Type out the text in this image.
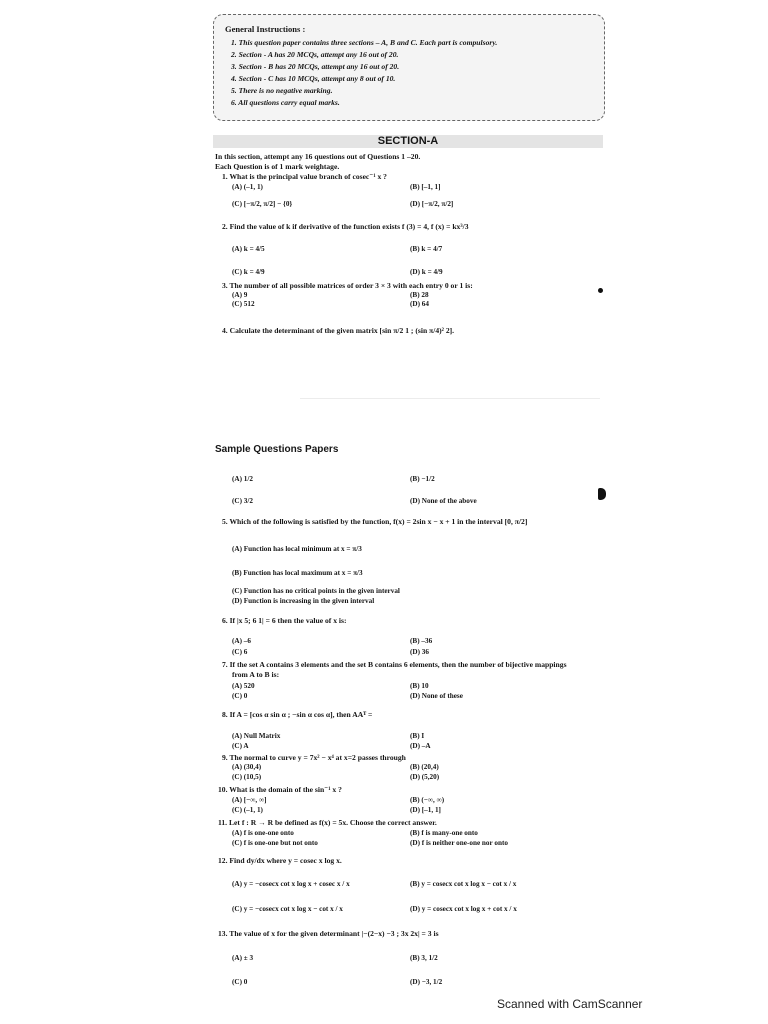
General Instructions :
1. This question paper contains three sections – A, B and C. Each part is compulsory.
2. Section - A has 20 MCQs, attempt any 16 out of 20.
3. Section - B has 20 MCQs, attempt any 16 out of 20.
4. Section - C has 10 MCQs, attempt any 8 out of 10.
5. There is no negative marking.
6. All questions carry equal marks.
SECTION-A
In this section, attempt any 16 questions out of Questions 1 –20.
Each Question is of 1 mark weightage.
1. What is the principal value branch of cosec⁻¹ x ?
(A) (–1, 1)	(B) [–1, 1]
(C) [−π/2, π/2] − {0}	(D) [−π/2, π/2]
2. Find the value of k if derivative of the function exists f (3) = 4, f (x) = kx³/3
(A) k = 4/5	(B) k = 4/7
(C) k = 4/9	(D) k = 4/9
3. The number of all possible matrices of order 3 × 3 with each entry 0 or 1 is:
(A) 9	(B) 28
(C) 512	(D) 64
4. Calculate the determinant of the given matrix [sin π/2 1 ; (sin π/4)² 2].
Sample Questions Papers
(A) 1/2	(B) −1/2
(C) 3/2	(D) None of the above
5. Which of the following is satisfied by the function, f(x) = 2sin x − x + 1 in the interval [0, π/2]
(A) Function has local minimum at x = π/3
(B) Function has local maximum at x = π/3
(C) Function has no critical points in the given interval
(D) Function is increasing in the given interval
6. If |x 5; 6 1| = 6 then the value of x is:
(A) –6	(B) –36
(C) 6	(D) 36
7. If the set A contains 3 elements and the set B contains 6 elements, then the number of bijective mappings
from A to B is:
(A) 520	(B) 10
(C) 0	(D) None of these
8. If A = [cos α sin α ; −sin α cos α], then AAᵀ =
(A) Null Matrix	(B) I
(C) A	(D) –A
9. The normal to curve y = 7x² − x⁴ at x=2 passes through
(A) (30,4)	(B) (20,4)
(C) (10,5)	(D) (5,20)
10. What is the domain of the sin⁻¹ x ?
(A) [−∞, ∞]	(B) (−∞, ∞)
(C) (–1, 1)	(D) [–1, 1]
11. Let f : R → R be defined as f(x) = 5x. Choose the correct answer.
(A) f is one-one onto	(B) f is many-one onto
(C) f is one-one but not onto	(D) f is neither one-one nor onto
12. Find dy/dx where y = cosec x log x.
(A) y = −cosecx cot x log x + cosec x / x	(B) y = cosecx cot x log x − cot x / x
(C) y = −cosecx cot x log x − cot x / x	(D) y = cosecx cot x log x + cot x / x
13. The value of x for the given determinant |−(2−x) −3 ; 3x 2x| = 3 is
(A) ± 3	(B) 3, 1/2
(C) 0	(D) −3, 1/2
Scanned with CamScanner
